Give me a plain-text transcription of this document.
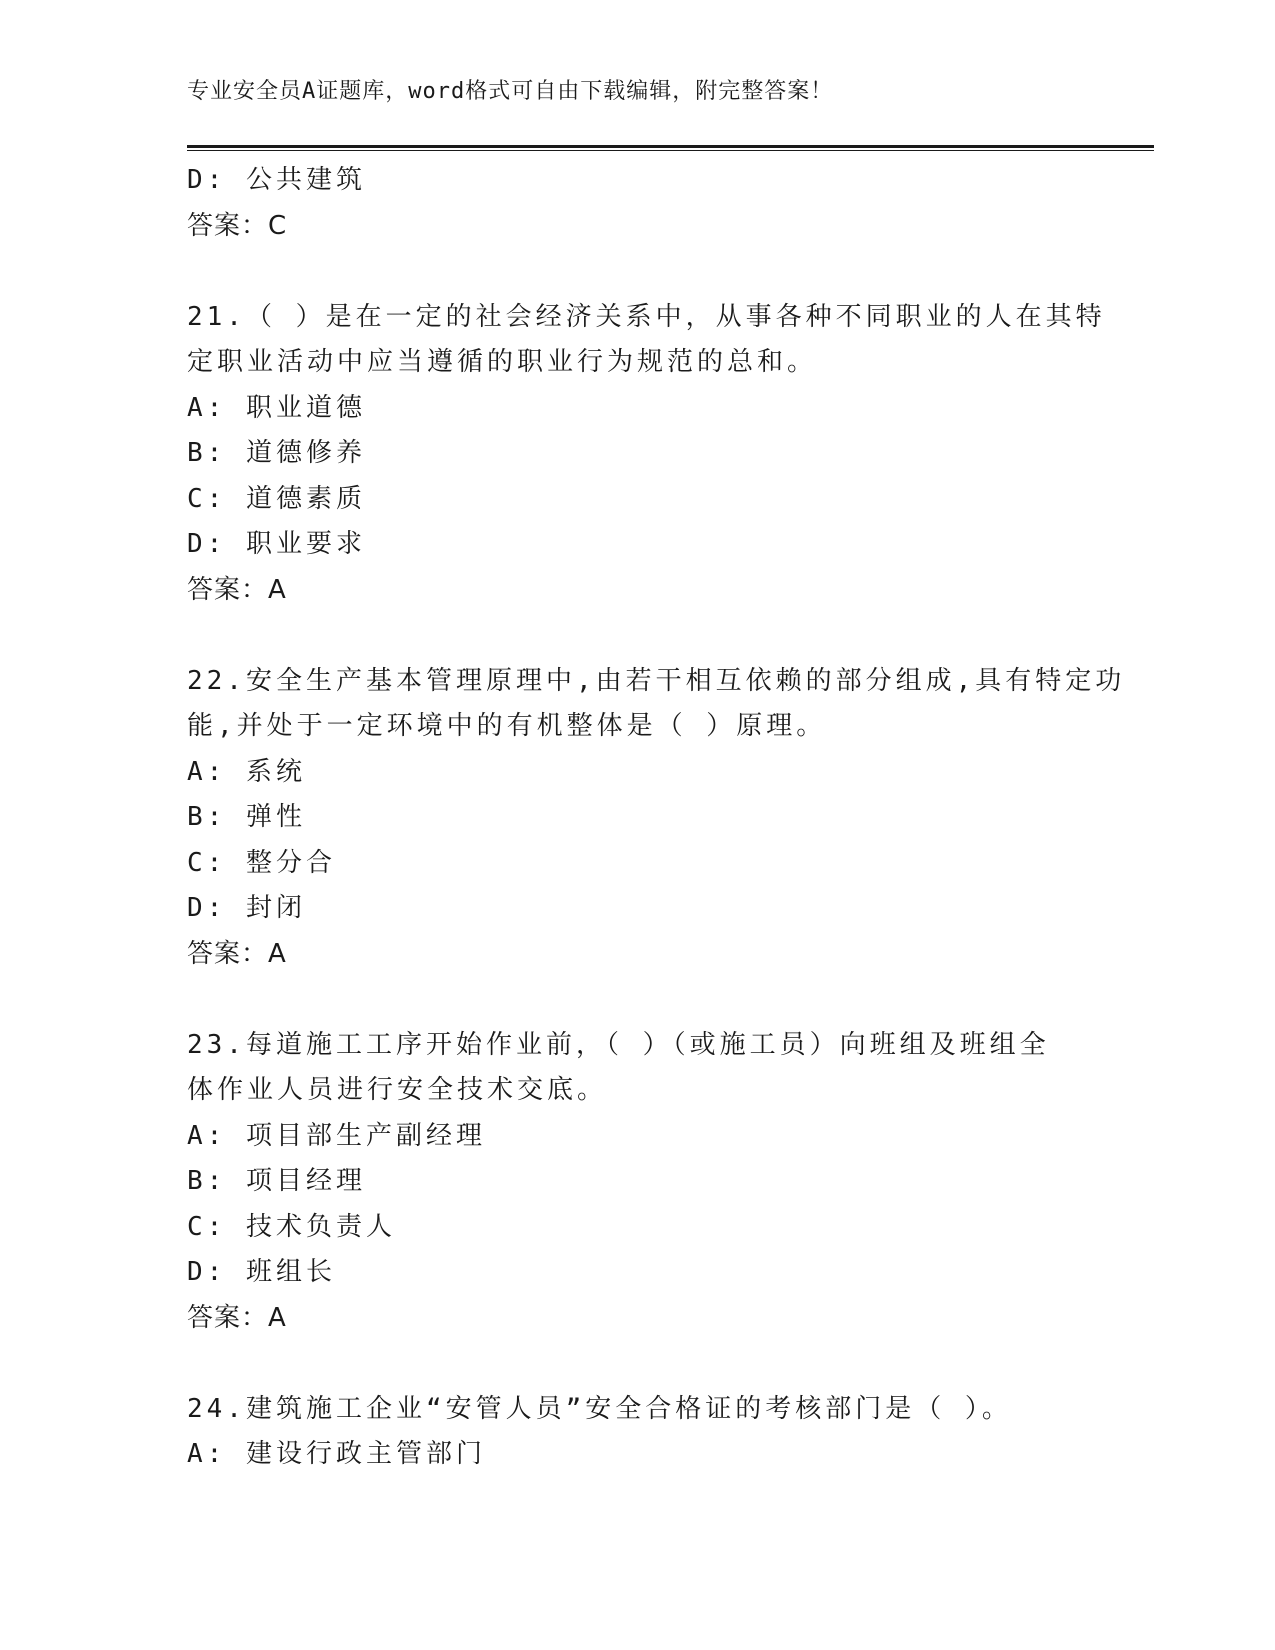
专业安全员A证题库，word格式可自由下载编辑，附完整答案！
D: 公共建筑
答案：C
21.（ ）是在一定的社会经济关系中，从事各种不同职业的人在其特
定职业活动中应当遵循的职业行为规范的总和。
A: 职业道德
B: 道德修养
C: 道德素质
D: 职业要求
答案：A
22.安全生产基本管理原理中,由若干相互依赖的部分组成,具有特定功
能,并处于一定环境中的有机整体是（ ）原理。
A: 系统
B: 弹性
C: 整分合
D: 封闭
答案：A
23.每道施工工序开始作业前，（ ）（或施工员）向班组及班组全
体作业人员进行安全技术交底。
A: 项目部生产副经理
B: 项目经理
C: 技术负责人
D: 班组长
答案：A
24.建筑施工企业“安管人员”安全合格证的考核部门是（ ）。
A: 建设行政主管部门
